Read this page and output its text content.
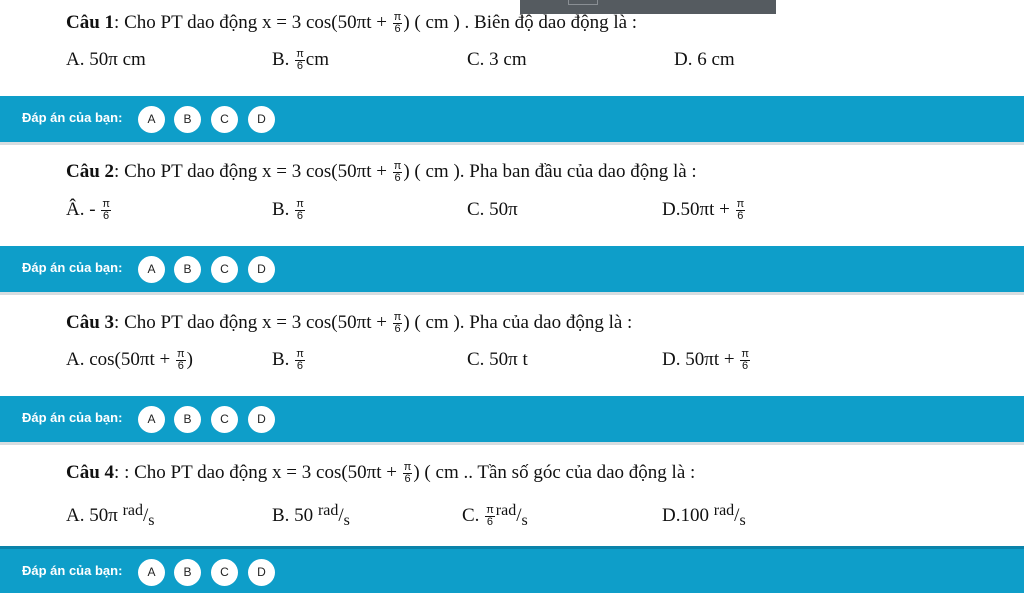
Câu 1: Cho PT dao động x = 3 $\cos(50\pi t + \frac{\pi}{6}$ ) ( cm ) . Biên độ dao động là :
A. 50π cm	B. $\frac{\pi}{6}$ cm	C. 3 cm	D. 6 cm
Đáp án của bạn:	A	B	C	D
Câu 2: Cho PT dao động x = 3 $\cos(50\pi t + \frac{\pi}{6}$ ) ( cm ). Pha ban đầu của dao động là :
Â. - $\frac{\pi}{6}$	B. $\frac{\pi}{6}$	C. 50π	$D.50\pi t + \frac{\pi}{6}$
Đáp án của bạn:	A	B	C	D
Câu 3: Cho PT dao động x = 3 $\cos(50\pi t + \frac{\pi}{6}$ ) ( cm ). Pha của dao động là :
A. $\cos(50\pi t + \frac{\pi}{6}$ )	B. $\frac{\pi}{6}$	C. 50π t	D. $50\pi t + \frac{\pi}{6}$
Đáp án của bạn:	A	B	C	D
Câu 4: : Cho PT dao động x = 3 $\cos(50\pi t + \frac{\pi}{6}$ ) ( cm .. Tần số góc của dao động là :
A. 50π $^{rad}/_s$	B. 50 $^{rad}/_s$	C. $\frac{\pi}{6} ^{rad}/_s$	D.100 $^{rad}/_s$
Đáp án của bạn:	A	B	C	D
